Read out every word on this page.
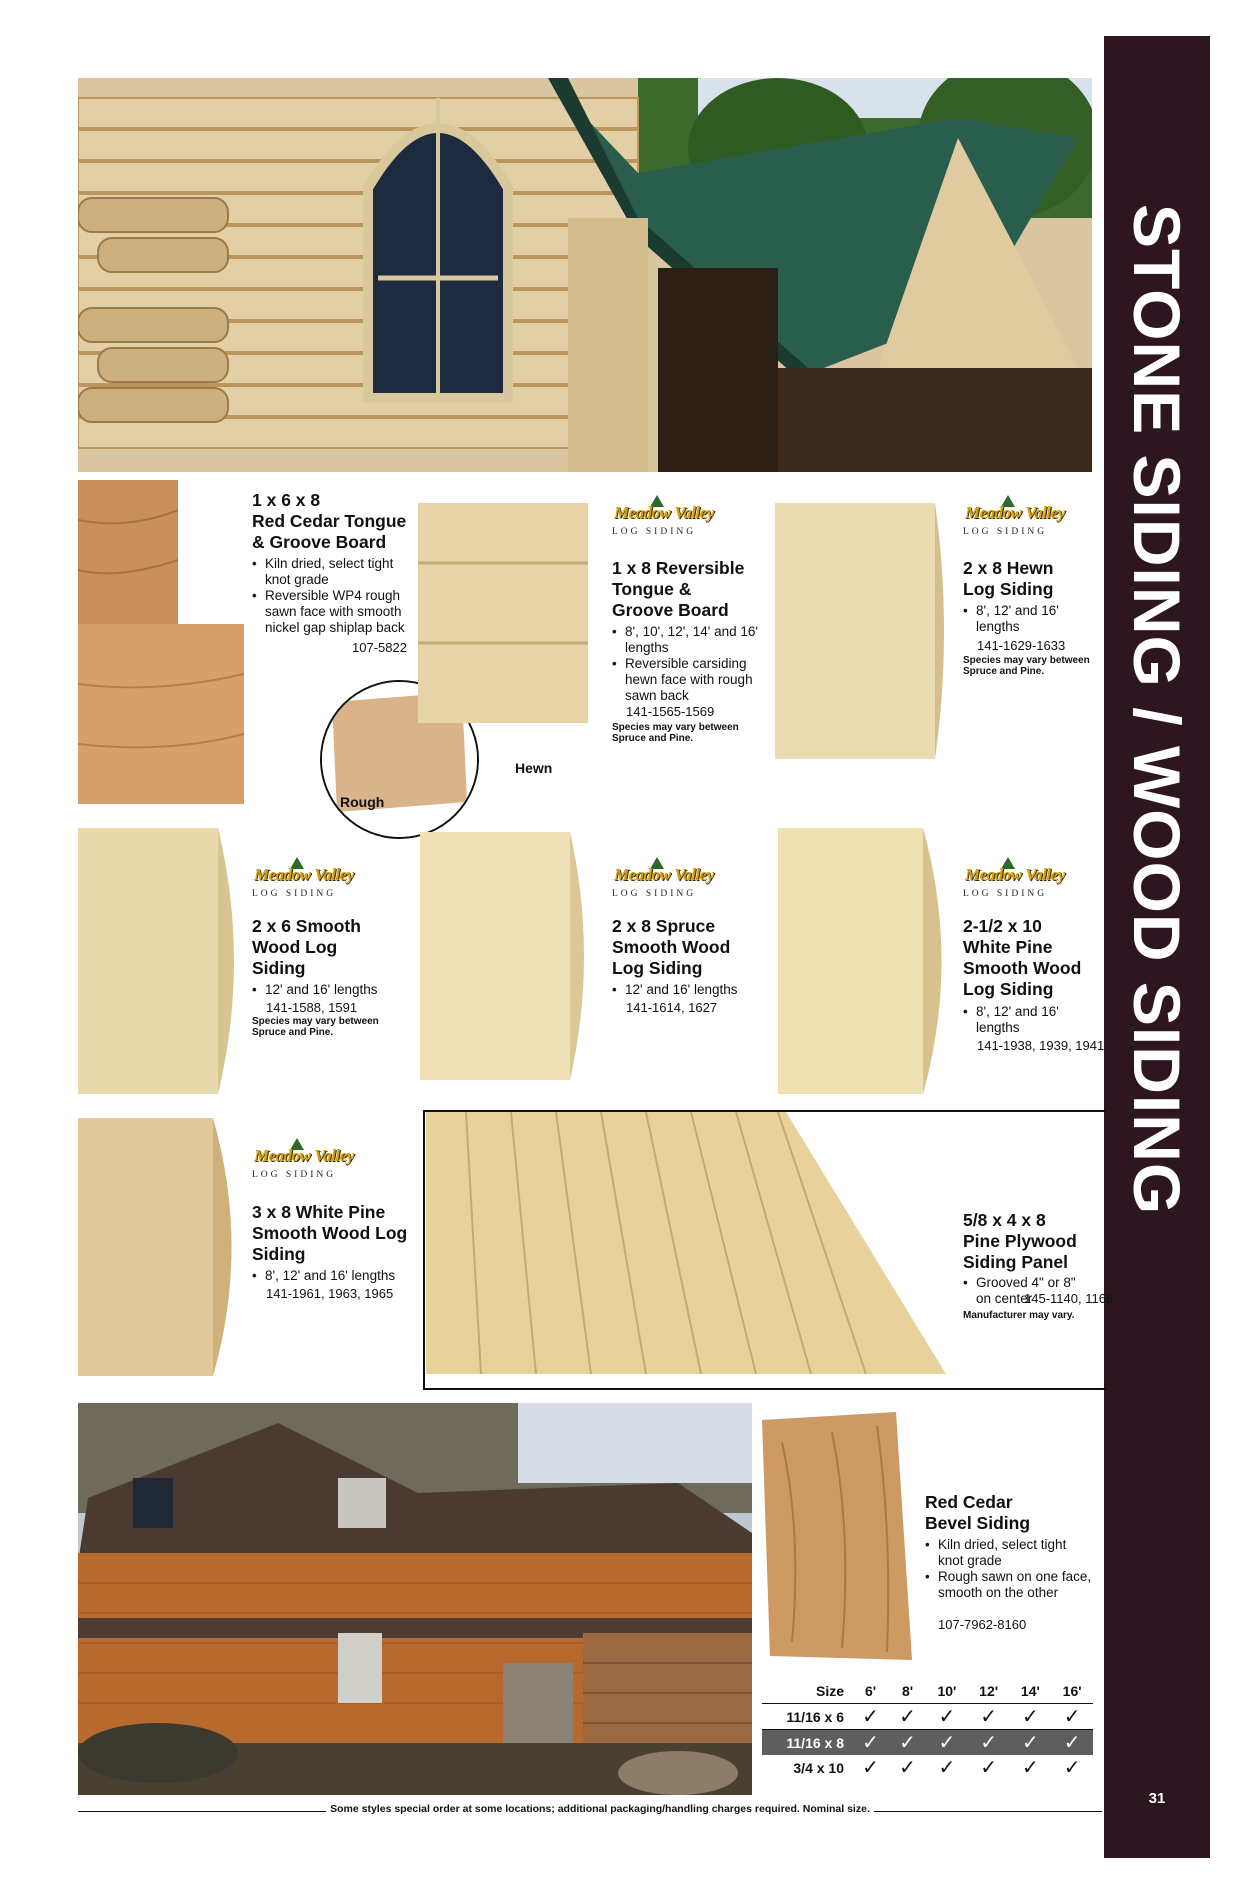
STONE SIDING / WOOD SIDING
31
Rough
Hewn
1 x 6 x 8
Red Cedar Tongue
& Groove Board
• Kiln dried, select tight knot grade
• Reversible WP4 rough sawn face with smooth nickel gap shiplap back
107-5822
Meadow Valley
LOG SIDING
1 x 8 Reversible
Tongue &
Groove Board
• 8', 10', 12', 14' and 16' lengths
• Reversible carsiding hewn face with rough sawn back
141-1565-1569
Species may vary between Spruce and Pine.
Meadow Valley
LOG SIDING
2 x 8 Hewn
Log Siding
• 8', 12' and 16' lengths
141-1629-1633
Species may vary between Spruce and Pine.
Meadow Valley
LOG SIDING
2 x 6 Smooth
Wood Log
Siding
• 12' and 16' lengths
141-1588, 1591
Species may vary between Spruce and Pine.
Meadow Valley
LOG SIDING
2 x 8 Spruce
Smooth Wood
Log Siding
• 12' and 16' lengths
141-1614, 1627
Meadow Valley
LOG SIDING
2-1/2 x 10
White Pine
Smooth Wood
Log Siding
• 8', 12' and 16' lengths
141-1938, 1939, 1941
Meadow Valley
LOG SIDING
3 x 8 White Pine
Smooth Wood Log
Siding
• 8', 12' and 16' lengths
141-1961, 1963, 1965
5/8 x 4 x 8
Pine Plywood
Siding Panel
• Grooved 4" or 8" on center
145-1140, 1166
Manufacturer may vary.
Red Cedar
Bevel Siding
• Kiln dried, select tight knot grade
• Rough sawn on one face, smooth on the other
107-7962-8160
Size	6'	8'	10'	12'	14'	16'
11/16 x 6	✓	✓	✓	✓	✓	✓
11/16 x 8	✓	✓	✓	✓	✓	✓
3/4 x 10	✓	✓	✓	✓	✓	✓
Some styles special order at some locations; additional packaging/handling charges required. Nominal size.
